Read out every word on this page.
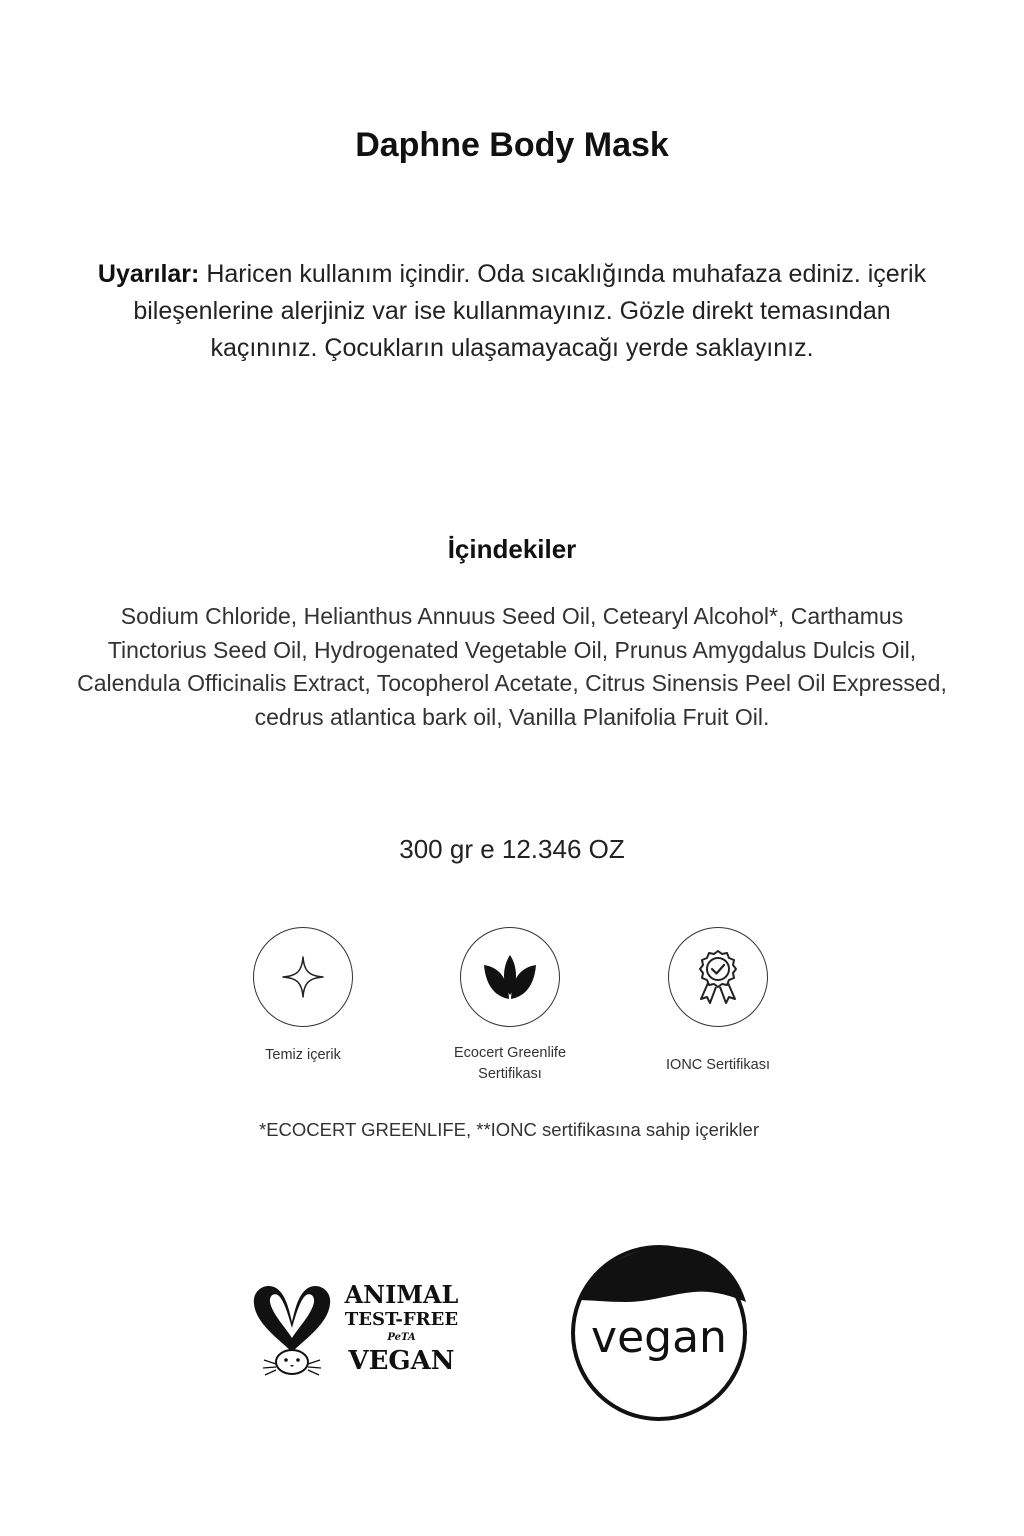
Daphne Body Mask

Uyarılar: Haricen kullanım içindir. Oda sıcaklığında muhafaza ediniz. içerik bileşenlerine alerjiniz var ise kullanmayınız. Gözle direkt temasından kaçınınız. Çocukların ulaşamayacağı yerde saklayınız.

İçindekiler

Sodium Chloride, Helianthus Annuus Seed Oil, Cetearyl Alcohol*, Carthamus Tinctorius Seed Oil, Hydrogenated Vegetable Oil, Prunus Amygdalus Dulcis Oil, Calendula Officinalis Extract, Tocopherol Acetate, Citrus Sinensis Peel Oil Expressed, cedrus atlantica bark oil, Vanilla Planifolia Fruit Oil.

300 gr e 12.346 OZ

Temiz içerik	Ecocert Greenlife
Sertifikası
IONC Sertifikası

*ECOCERT GREENLIFE, **IONC sertifikasına sahip içerikler

ANIMAL
TEST-FREE
PeTA
VEGAN	vegan
